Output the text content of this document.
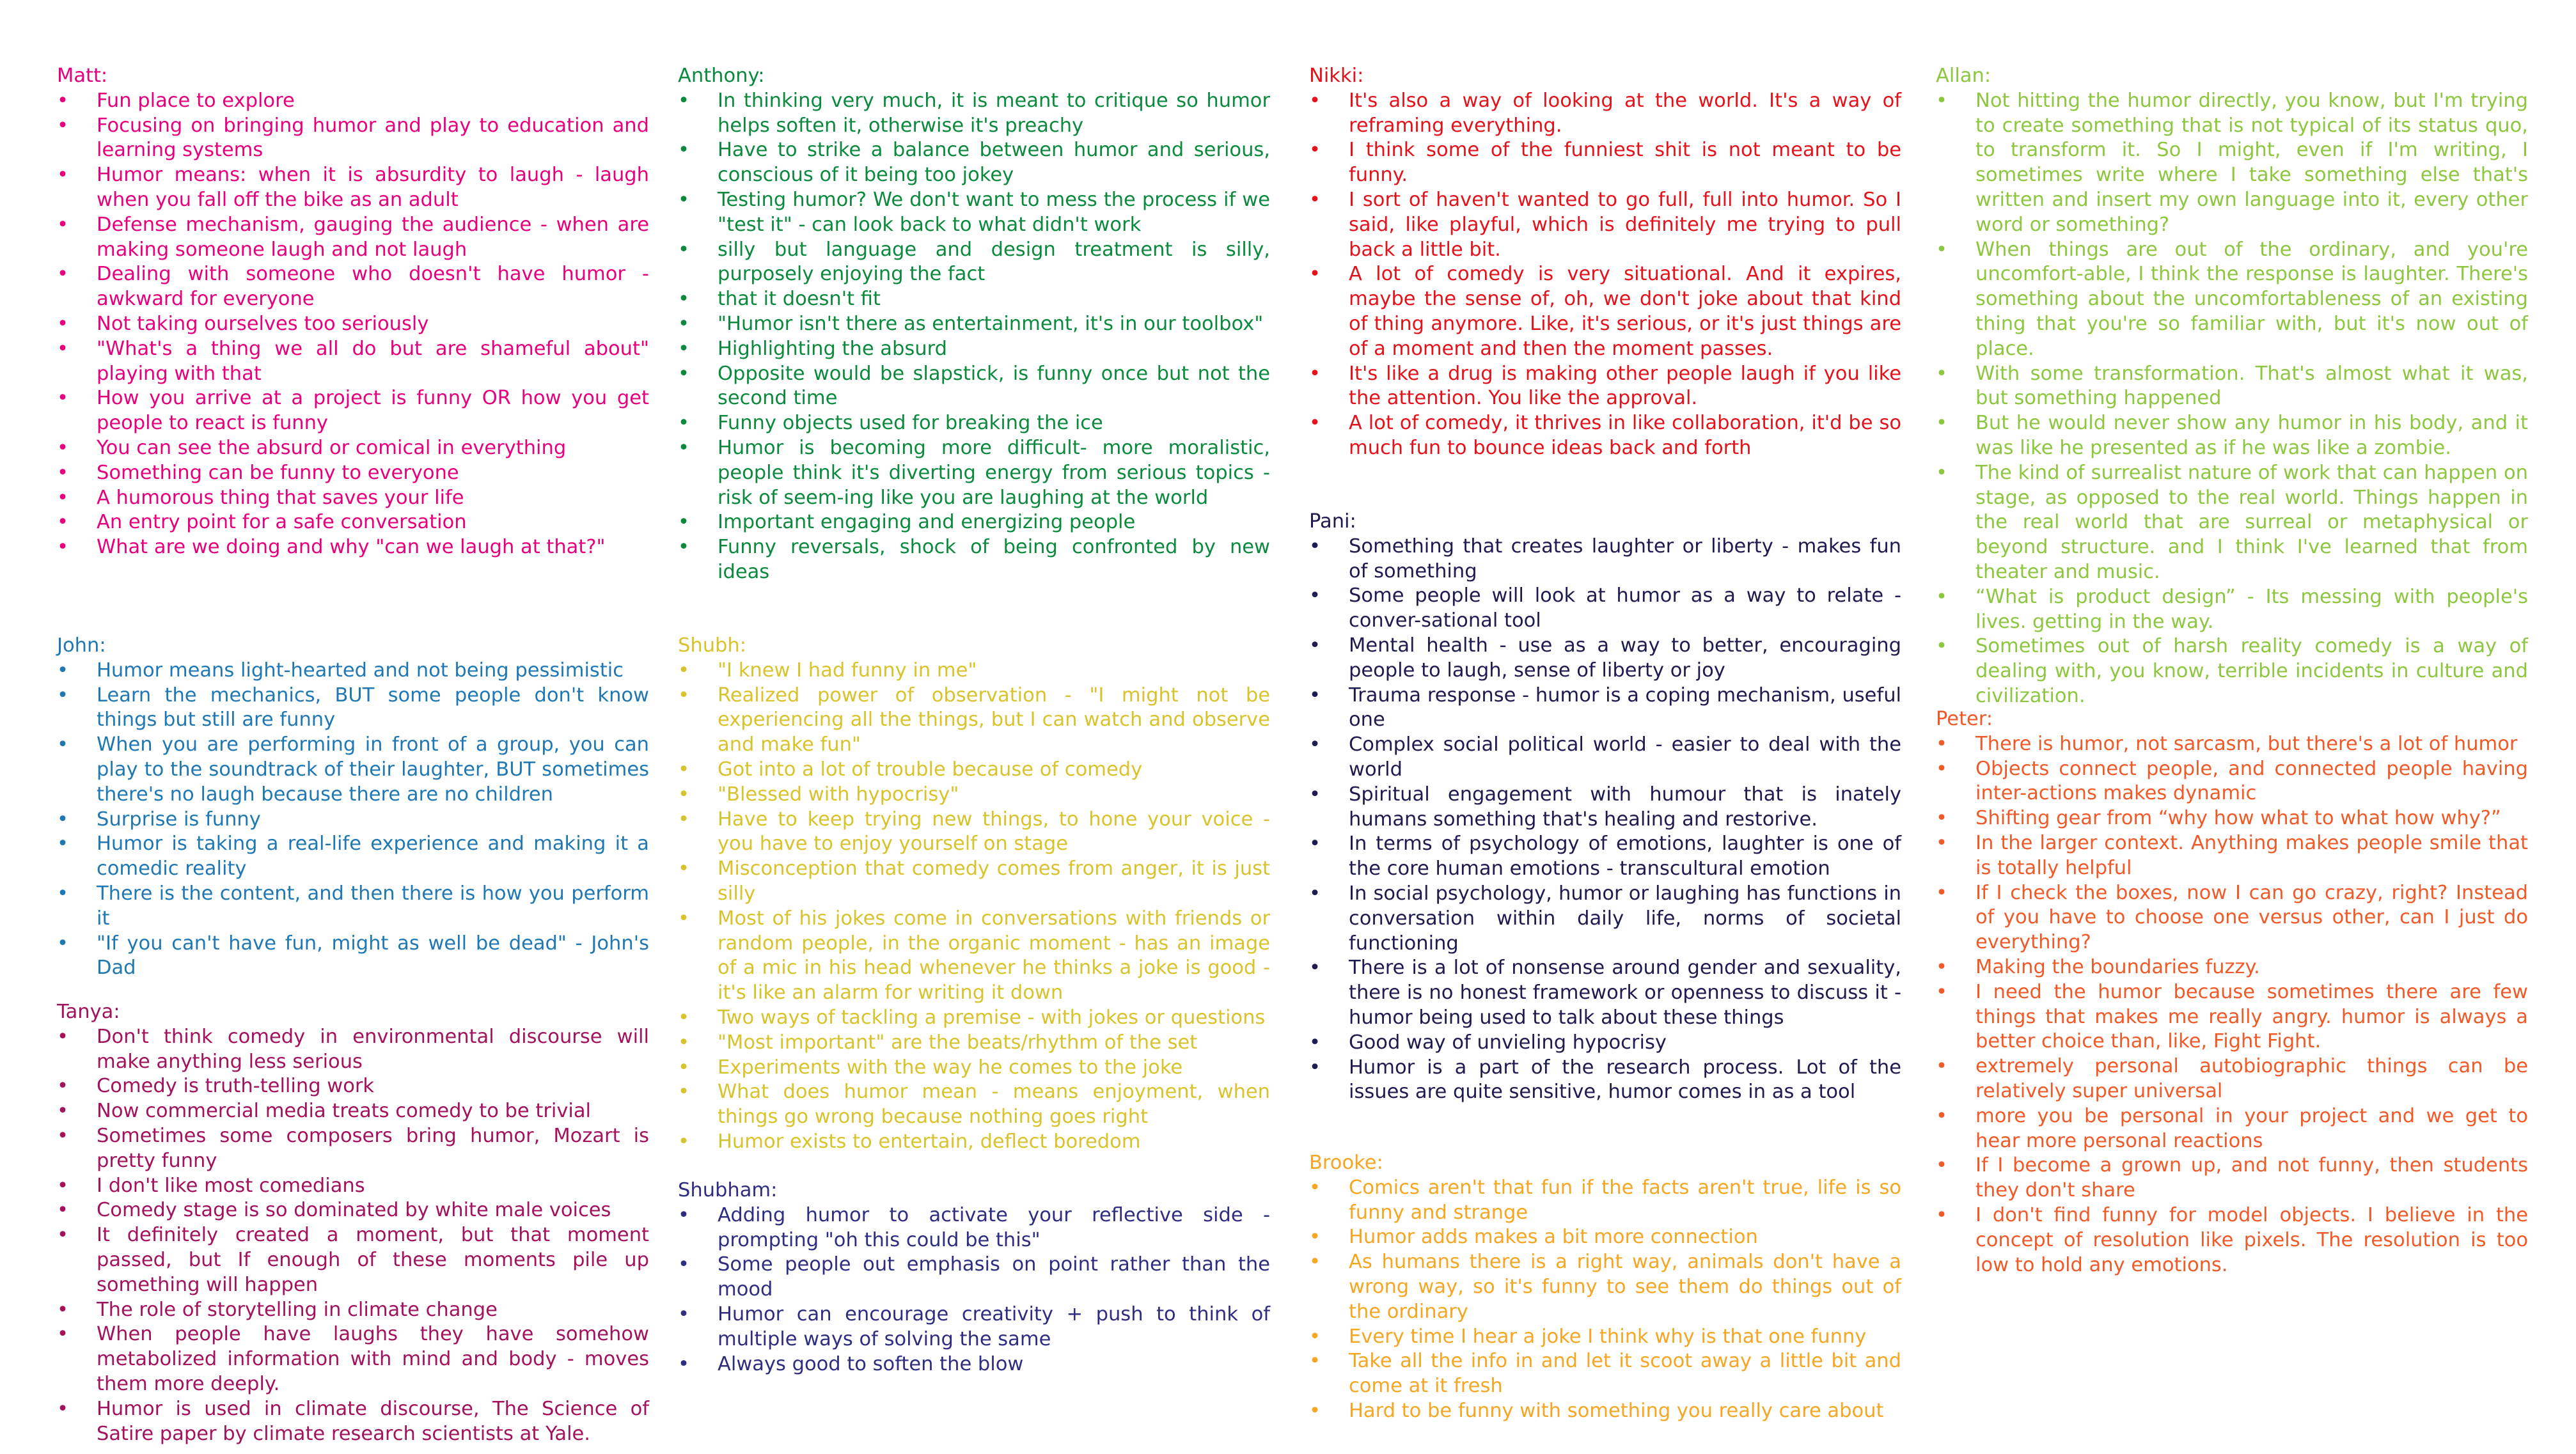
Matt:
• Fun place to explore
• Focusing on bringing humor and play to education and learning systems
• Humor means: when it is absurdity to laugh - laugh when you fall off the bike as an adult
• Defense mechanism, gauging the audience - when are making someone laugh and not laugh
• Dealing with someone who doesn't have humor - awkward for everyone
• Not taking ourselves too seriously
• "What's a thing we all do but are shameful about" playing with that
• How you arrive at a project is funny OR how you get people to react is funny
• You can see the absurd or comical in everything
• Something can be funny to everyone
• A humorous thing that saves your life
• An entry point for a safe conversation
• What are we doing and why "can we laugh at that?"
John:
• Humor means light-hearted and not being pessimistic
• Learn the mechanics, BUT some people don't know things but still are funny
• When you are performing in front of a group, you can play to the soundtrack of their laughter, BUT sometimes there's no laugh because there are no children
• Surprise is funny
• Humor is taking a real-life experience and making it a comedic reality
• There is the content, and then there is how you perform it
• "If you can't have fun, might as well be dead" - John's Dad
Tanya:
• Don't think comedy in environmental discourse will make anything less serious
• Comedy is truth-telling work
• Now commercial media treats comedy to be trivial
• Sometimes some composers bring humor, Mozart is pretty funny
• I don't like most comedians
• Comedy stage is so dominated by white male voices
• It definitely created a moment, but that moment passed, but If enough of these moments pile up something will happen
• The role of storytelling in climate change
• When people have laughs they have somehow metabolized information with mind and body - moves them more deeply.
• Humor is used in climate discourse, The Science of Satire paper by climate research scientists at Yale.
Anthony:
• In thinking very much, it is meant to critique so humor helps soften it, otherwise it's preachy
• Have to strike a balance between humor and serious, conscious of it being too jokey
• Testing humor? We don't want to mess the process if we "test it" - can look back to what didn't work
• silly but language and design treatment is silly, purposely enjoying the fact
• that it doesn't fit
• "Humor isn't there as entertainment, it's in our toolbox"
• Highlighting the absurd
• Opposite would be slapstick, is funny once but not the second time
• Funny objects used for breaking the ice
• Humor is becoming more difficult- more moralistic, people think it's diverting energy from serious topics - risk of seem-ing like you are laughing at the world
• Important engaging and energizing people
• Funny reversals, shock of being confronted by new ideas
Shubh:
• "I knew I had funny in me"
• Realized power of observation - "I might not be experiencing all the things, but I can watch and observe and make fun"
• Got into a lot of trouble because of comedy
• "Blessed with hypocrisy"
• Have to keep trying new things, to hone your voice - you have to enjoy yourself on stage
• Misconception that comedy comes from anger, it is just silly
• Most of his jokes come in conversations with friends or random people, in the organic moment - has an image of a mic in his head whenever he thinks a joke is good - it's like an alarm for writing it down
• Two ways of tackling a premise - with jokes or questions
• "Most important" are the beats/rhythm of the set
• Experiments with the way he comes to the joke
• What does humor mean - means enjoyment, when things go wrong because nothing goes right
• Humor exists to entertain, deflect boredom
Shubham:
• Adding humor to activate your reflective side - prompting "oh this could be this"
• Some people out emphasis on point rather than the mood
• Humor can encourage creativity + push to think of multiple ways of solving the same
• Always good to soften the blow
Nikki:
• It's also a way of looking at the world. It's a way of reframing everything.
• I think some of the funniest shit is not meant to be funny.
• I sort of haven't wanted to go full, full into humor. So I said, like playful, which is definitely me trying to pull back a little bit.
• A lot of comedy is very situational. And it expires, maybe the sense of, oh, we don't joke about that kind of thing anymore. Like, it's serious, or it's just things are of a moment and then the moment passes.
• It's like a drug is making other people laugh if you like the attention. You like the approval.
• A lot of comedy, it thrives in like collaboration, it'd be so much fun to bounce ideas back and forth
Pani:
• Something that creates laughter or liberty - makes fun of something
• Some people will look at humor as a way to relate - conver-sational tool
• Mental health - use as a way to better, encouraging people to laugh, sense of liberty or joy
• Trauma response - humor is a coping mechanism, useful one
• Complex social political world - easier to deal with the world
• Spiritual engagement with humour that is inately humans something that's healing and restorive.
• In terms of psychology of emotions, laughter is one of the core human emotions - transcultural emotion
• In social psychology, humor or laughing has functions in conversation within daily life, norms of societal functioning
• There is a lot of nonsense around gender and sexuality, there is no honest framework or openness to discuss it - humor being used to talk about these things
• Good way of unvieling hypocrisy
• Humor is a part of the research process. Lot of the issues are quite sensitive, humor comes in as a tool
Brooke:
• Comics aren't that fun if the facts aren't true, life is so funny and strange
• Humor adds makes a bit more connection
• As humans there is a right way, animals don't have a wrong way, so it's funny to see them do things out of the ordinary
• Every time I hear a joke I think why is that one funny
• Take all the info in and let it scoot away a little bit and come at it fresh
• Hard to be funny with something you really care about
Allan:
• Not hitting the humor directly, you know, but I'm trying to create something that is not typical of its status quo, to transform it. So I might, even if I'm writing, I sometimes write where I take something else that's written and insert my own language into it, every other word or something?
• When things are out of the ordinary, and you're uncomfort-able, I think the response is laughter. There's something about the uncomfortableness of an existing thing that you're so familiar with, but it's now out of place.
• With some transformation. That's almost what it was, but something happened
• But he would never show any humor in his body, and it was like he presented as if he was like a zombie.
• The kind of surrealist nature of work that can happen on stage, as opposed to the real world. Things happen in the real world that are surreal or metaphysical or beyond structure. and I think I've learned that from theater and music.
• “What is product design” - Its messing with people's lives. getting in the way.
• Sometimes out of harsh reality comedy is a way of dealing with, you know, terrible incidents in culture and civilization.
Peter:
• There is humor, not sarcasm, but there's a lot of humor
• Objects connect people, and connected people having inter-actions makes dynamic
• Shifting gear from “why how what to what how why?”
• In the larger context. Anything makes people smile that is totally helpful
• If I check the boxes, now I can go crazy, right? Instead of you have to choose one versus other, can I just do everything?
• Making the boundaries fuzzy.
• I need the humor because sometimes there are few things that makes me really angry. humor is always a better choice than, like, Fight Fight.
• extremely personal autobiographic things can be relatively super universal
• more you be personal in your project and we get to hear more personal reactions
• If I become a grown up, and not funny, then students they don't share
• I don't find funny for model objects. I believe in the concept of resolution like pixels. The resolution is too low to hold any emotions.
